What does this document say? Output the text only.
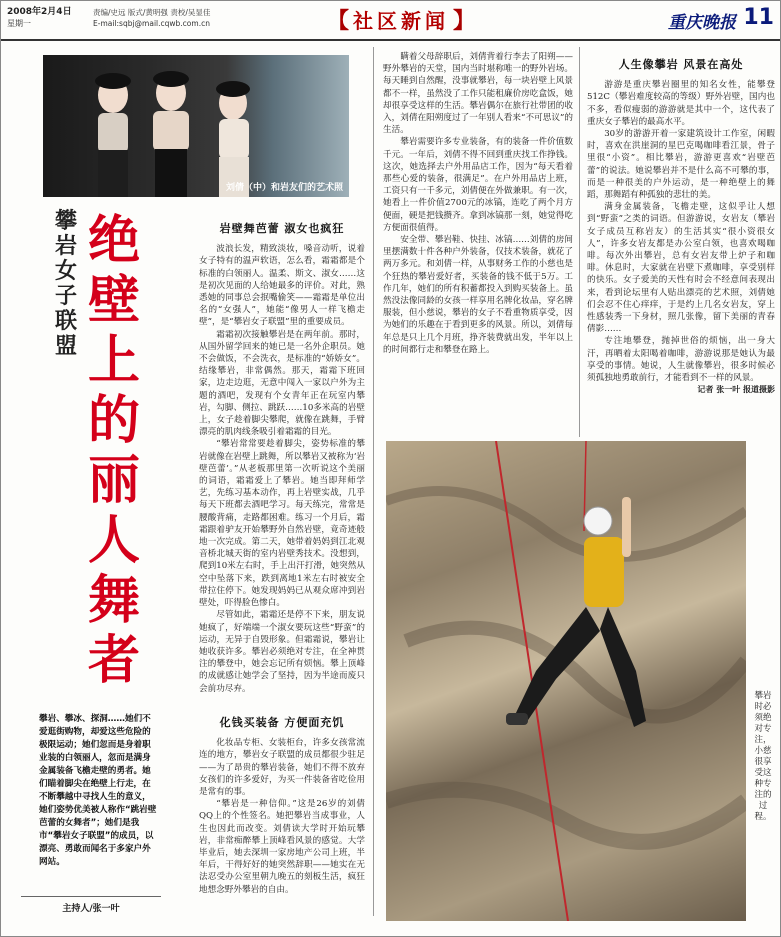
2008年2月4日
星期一
责编/史远 版式/黄明强 责校/吴显佳
E-mail:sqbj@mail.cqwb.com.cn	【 社区新闻 】	重庆晚报 11
刘倩（中）和岩友们的艺术照
攀岩女子联盟
绝壁上的丽人舞者
攀岩、攀冰、探洞……她们不爱逛街购物，却爱这些危险的极限运动；她们忽而是身着职业装的白领丽人，忽而是满身金属装备飞檐走壁的勇者。她们瞄着脚尖在绝壁上行走，在不断攀越中寻找人生的意义，她们姿势优美被人称作“跳岩壁芭蕾的女舞者”；她们是我市“攀岩女子联盟”的成员，以漂亮、勇敢而闻名于多家户外网站。
主持人/张一叶
岩壁舞芭蕾 淑女也疯狂

波浪长发，精致淡妆，嗓音动听，说着女子特有的温声软语，怎么看，霜霜都是个标准的白领丽人。温柔、斯文、淑女……这是初次见面的人给她最多的评价。对此，熟悉她的同事总会抿嘴偷笑——霜霜是单位出名的“女强人”，她能“像男人一样飞檐走壁”，是“攀岩女子联盟”里的重要成员。

霜霜初次接触攀岩是在两年前。那时，从国外留学回来的她已是一名外企职员。她不会做饭，不会洗衣，是标准的“娇娇女”。结缘攀岩，非常偶然。那天，霜霜下班回家，边走边逛，无意中闯入一家以户外为主题的酒吧，发现有个女青年正在玩室内攀岩，勾脚、侧拉、跳跃……10多米高的岩壁上，女子趁着脚尖攀爬，就像在跳舞，手臂漂亮的肌肉线条吸引着霜霜的目光。

“攀岩常常要趁着脚尖，姿势标准的攀岩就像在岩壁上跳舞，所以攀岩又被称为‘岩壁芭蕾’。”从老板那里第一次听说这个美丽的词语，霜霜爱上了攀岩。她当即拜师学艺，先练习基本动作，再上岩壁实战，几乎每天下班都去酒吧学习。每天练完，常常是腰酸背痛，走路都困难。练习一个月后，霜霜跟着驴友开始攀野外自然岩壁，竟奇迹般地一次完成。第二天，她带着妈妈到江北观音桥北城天街的室内岩壁秀技术。没想到，爬到10米左右时，手上出汗打滑，她突然从空中坠落下来，跌到离地1米左右时被安全带拉住停下。她发现妈妈已从观众席冲到岩壁处，吓得脸色惨白。

尽管如此，霜霜还是停不下来，朋友说她疯了，好端端一个淑女要玩这些“野蛮”的运动，无异于自毁形象。但霜霜说，攀岩让她收获许多。攀岩必须绝对专注，在全神贯注的攀登中，她会忘记所有烦恼。攀上顶峰的成就感让她学会了坚持，因为半途而废只会前功尽弃。

化钱买装备 方便面充饥

化妆品专柜、女装柜台，许多女孩常流连的地方，攀岩女子联盟的成员都很少驻足——为了昂贵的攀岩装备，她们不得不放弃女孩们的许多爱好，为买一件装备省吃俭用是常有的事。

“攀岩是一种信仰。”这是26岁的刘倩QQ上的个性签名。她把攀岩当成事业，人生也因此而改变。刘倩读大学时开始玩攀岩，非常痴醉攀上顶峰看风景的感觉。大学毕业后，她去深圳一家房地产公司上班，半年后，干得好好的她突然辞职——她实在无法忍受办公室里朝九晚五的刻板生活，疯狂地想念野外攀岩的自由。

瞒着父母辞职后，刘倩背着行李去了阳朔——野外攀岩的天堂，国内当时堪称唯一的野外岩场。每天睡到自然醒，没事就攀岩，每一块岩壁上风景都不一样，虽然没了工作只能租廉价房吃盒饭，她却很享受这样的生活。攀岩偶尔在旅行社带团的收入，刘倩在阳朔度过了一年别人看来“不可思议”的生活。

攀岩需要许多专业装备，有的装备一件价值数千元。一年后，刘倩不得不回到重庆找工作挣钱。这次，她选择去户外用品店工作，因为“每天看着那些心爱的装备，很满足”。在户外用品店上班，工资只有一千多元，刘倩便在外做兼职。有一次，她看上一件价值2700元的冰镐，连吃了两个月方便面，硬是把钱攒齐。拿到冰镐那一刻，她觉得吃方便面很值得。

安全带、攀岩鞋、快挂、冰镐……刘倩的房间里摆满数十件各种户外装备，仅技术装备，就花了两万多元。和刘倩一样，从事财务工作的小慈也是个狂热的攀岩爱好者，买装备的钱不低于5万。工作几年，她们的所有积蓄都投入到购买装备上。虽然没法像同龄的女孩一样享用名牌化妆品，穿名牌服装，但小慈说，攀岩的女子不看重物质享受，因为她们的乐趣在于看到更多的风景。所以，刘倩每年总是只上几个月班，挣齐装费就出发，半年以上的时间都行走和攀登在路上。

人生像攀岩 风景在高处

游游是重庆攀岩圈里的知名女性，能攀登512C（攀岩难度较高的等级）野外岩壁，国内也不多，看似瘦弱的游游就是其中一个，这代表了重庆女子攀岩的最高水平。

30岁的游游开着一家建筑设计工作室，闲暇时，喜欢在洪崖洞的星巴克喝咖啡看江景，骨子里很“小资”。相比攀岩，游游更喜欢“岩壁芭蕾”的说法。她说攀岩并不是什么高不可攀的事，而是一种很美的户外运动，是一种绝壁上的舞蹈，那舞蹈有种孤独的悲壮的美。

满身金属装备，飞檐走壁，这似乎让人想到“野蛮”之类的词语。但游游说，女岩友（攀岩女子成员互称岩友）的生活其实“很小资很女人”，许多女岩友都是办公室白领，也喜欢喝咖啡。每次外出攀岩，总有女岩友带上炉子和咖啡。休息时，大家就在岩壁下煮咖啡，享受别样的快乐。女子爱美的天性有时会不经意间表现出来，看到论坛里有人贴出漂亮的艺术照，刘倩她们会忍不住心痒痒，于是约上几名女岩友，穿上性感装秀一下身材，照几张像，留下美丽的青春倩影……

专注地攀登，抛掉世俗的烦恼，出一身大汗，再晒着太阳喝着咖啡，游游说那是她认为最享受的事情。她说，人生就像攀岩，很多时候必须孤独地勇敢前行，才能看到不一样的风景。

记者 张一叶 报道摄影
攀岩时必须绝对专注，小慈很享受这种专注的过程。
